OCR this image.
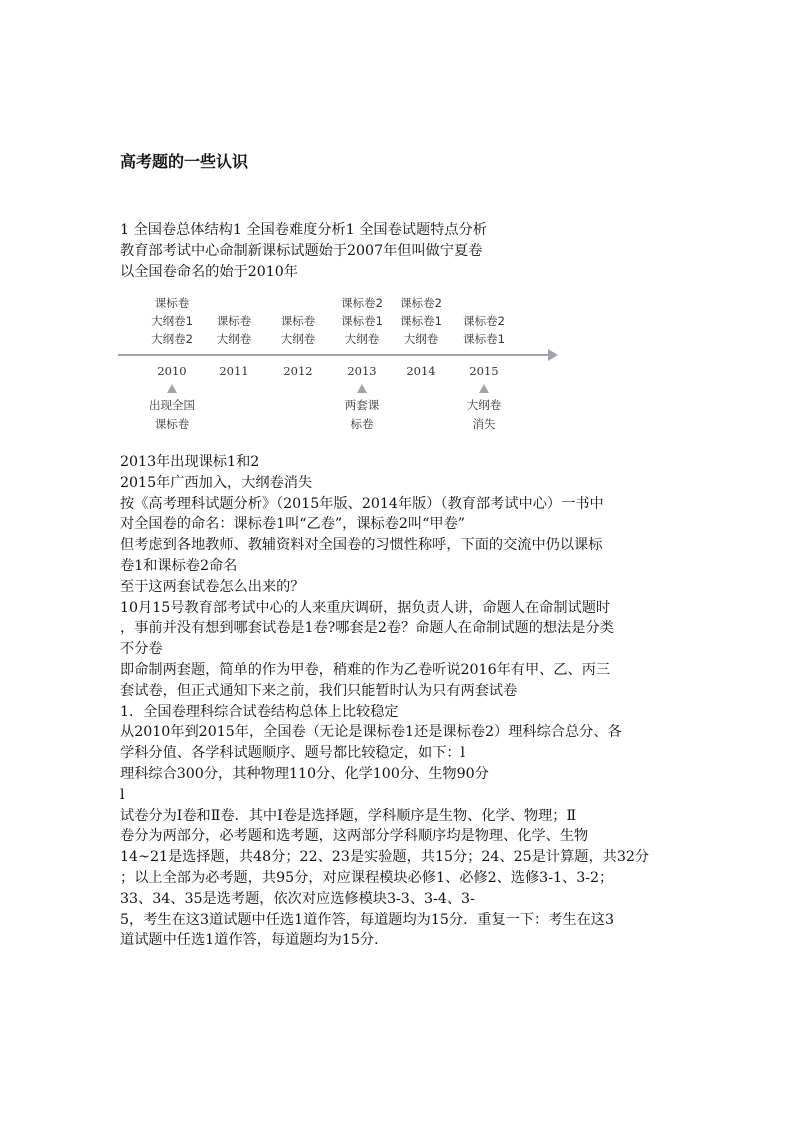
高考题的一些认识
1 全国卷总体结构1 全国卷难度分析1 全国卷试题特点分析
教育部考试中心命制新课标试题始于2007年但叫做宁夏卷
以全国卷命名的始于2010年
课标卷
大纲卷1
大纲卷2
2010
课标卷
大纲卷
2011
课标卷
大纲卷
2012
课标卷2
课标卷1
大纲卷
2013
课标卷2
课标卷1
大纲卷
2014
课标卷2
课标卷1
2015
出现全国
课标卷
两套课
标卷
大纲卷
消失
2013年出现课标1和2
2015年广西加入，大纲卷消失
按《高考理科试题分析》（2015年版、2014年版）（教育部考试中心）一书中
对全国卷的命名：课标卷1叫“乙卷”，课标卷2叫“甲卷”
但考虑到各地教师、教辅资料对全国卷的习惯性称呼，下面的交流中仍以课标
卷1和课标卷2命名
至于这两套试卷怎么出来的？
10月15号教育部考试中心的人来重庆调研，据负责人讲，命题人在命制试题时
，事前并没有想到哪套试卷是1卷?哪套是2卷？命题人在命制试题的想法是分类
不分卷
即命制两套题，简单的作为甲卷，稍难的作为乙卷听说2016年有甲、乙、丙三
套试卷，但正式通知下来之前，我们只能暂时认为只有两套试卷
1．全国卷理科综合试卷结构总体上比较稳定
从2010年到2015年，全国卷（无论是课标卷1还是课标卷2）理科综合总分、各
学科分值、各学科试题顺序、题号都比较稳定，如下：l
理科综合300分，其种物理110分、化学100分、生物90分
l
试卷分为Ⅰ卷和Ⅱ卷．其中Ⅰ卷是选择题，学科顺序是生物、化学、物理；Ⅱ
卷分为两部分，必考题和选考题，这两部分学科顺序均是物理、化学、生物
14~21是选择题，共48分；22、23是实验题，共15分；24、25是计算题，共32分
；以上全部为必考题，共95分，对应课程模块必修1、必修2、选修3-1、3-2；
33、34、35是选考题，依次对应选修模块3-3、3-4、3-
5，考生在这3道试题中任选1道作答，每道题均为15分．重复一下：考生在这3
道试题中任选1道作答，每道题均为15分．
